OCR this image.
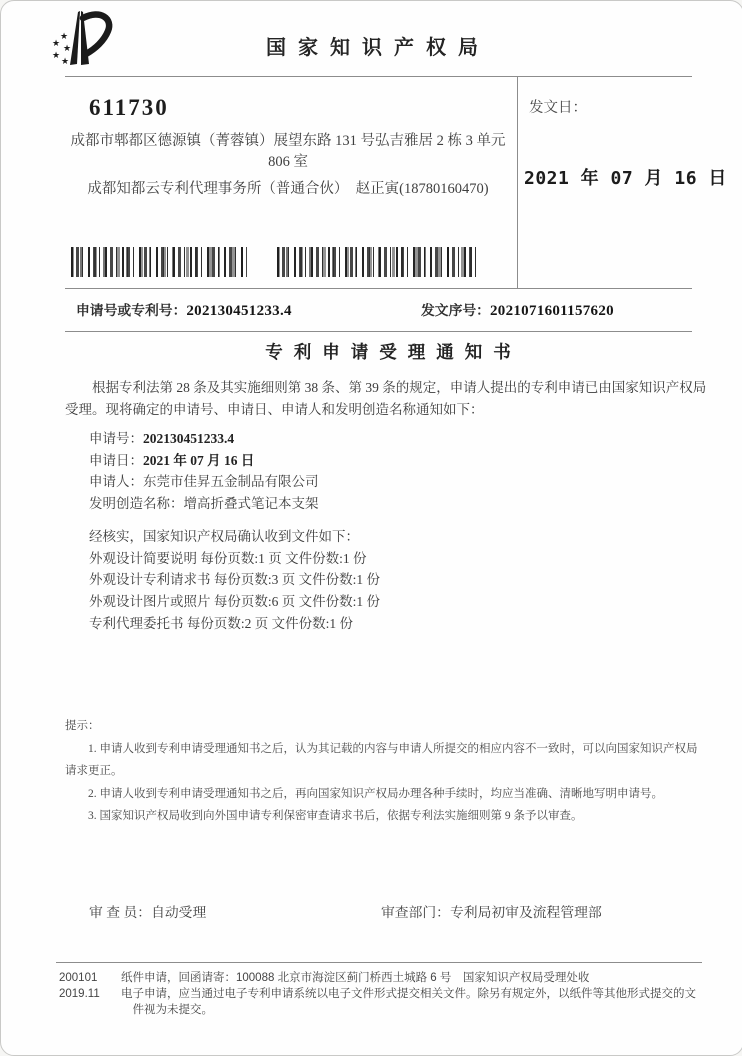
★
★ ★
★
★
国家知识产权局
611730

成都市郫都区德源镇（菁蓉镇）展望东路 131 号弘吉雅居 2 栋 3 单元

806 室

成都知都云专利代理事务所（普通合伙）　赵正寅(18780160470)

发文日：
2021 年 07 月 16 日
申请号或专利号：202130451233.4	发文序号：2021071601157620
专利申请受理通知书

根据专利法第 28 条及其实施细则第 38 条、第 39 条的规定，申请人提出的专利申请已由国家知识产权局受理。现将确定的申请号、申请日、申请人和发明创造名称通知如下：

申请号：202130451233.4
申请日：2021 年 07 月 16 日
申请人：东莞市佳昇五金制品有限公司
发明创造名称：增高折叠式笔记本支架
经核实，国家知识产权局确认收到文件如下：
外观设计简要说明 每份页数:1 页 文件份数:1 份
外观设计专利请求书 每份页数:3 页 文件份数:1 份
外观设计图片或照片 每份页数:6 页 文件份数:1 份
专利代理委托书 每份页数:2 页 文件份数:1 份

提示：

1. 申请人收到专利申请受理通知书之后，认为其记载的内容与申请人所提交的相应内容不一致时，可以向国家知识产权局请求更正。

2. 申请人收到专利申请受理通知书之后，再向国家知识产权局办理各种手续时，均应当准确、清晰地写明申请号。

3. 国家知识产权局收到向外国申请专利保密审查请求书后，依据专利法实施细则第 9 条予以审查。

审 查 员：自动受理	审查部门：专利局初审及流程管理部
200101
2019.11

纸件申请，回函请寄：100088 北京市海淀区蓟门桥西土城路 6 号　国家知识产权局受理处收

电子申请，应当通过电子专利申请系统以电子文件形式提交相关文件。除另有规定外，以纸件等其他形式提交的文件视为未提交。
